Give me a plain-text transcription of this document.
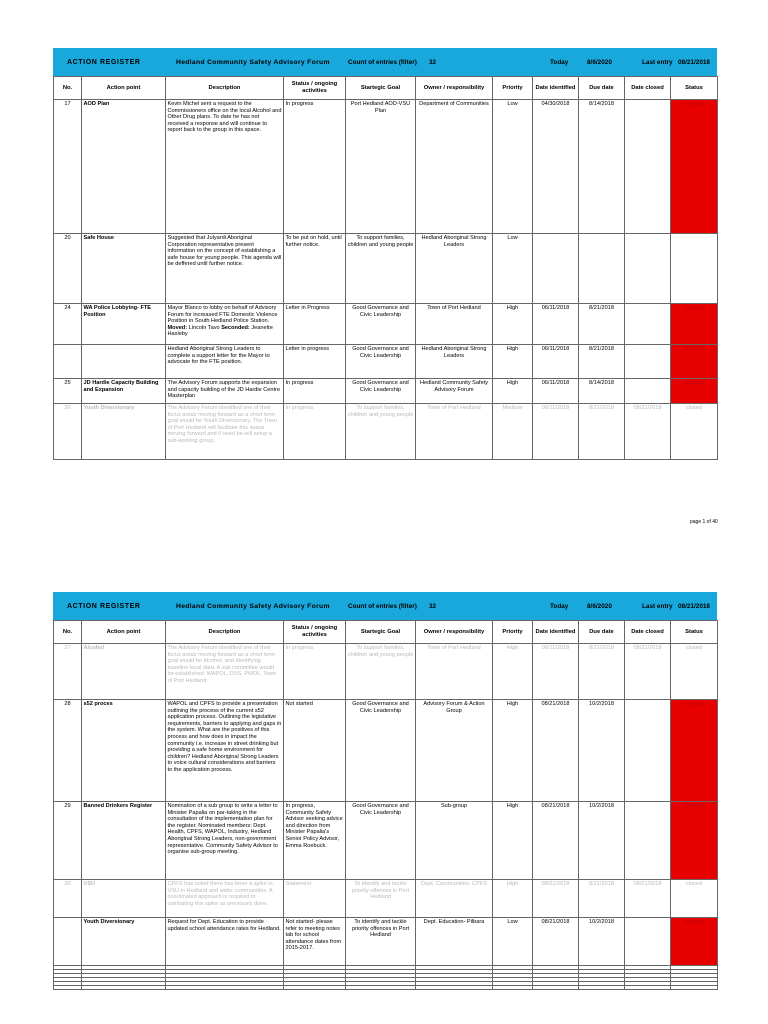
ACTION REGISTER	Hedland Community Safety Advisory Forum	Count of entries (filter) 32	Today	8/6/2020	Last entry 08/21/2018
No.	Action point	Description	Status / ongoing activities	Startegic Goal	Owner / responsibility	Priority	Date identified	Due date	Date closed	Status
17	AOD Plan	Kevin Michel sent a request to the Commissioners office on the local Alcohol and Other Drug plans. To date he has not received a response and will continue to report back to the group in this space.	In progress	Port Hedland AOD-VSU Plan	Department of Communities	Low	04/30/2018	8/14/2018		overdue
20	Safe House	Suggested that Julyardi Aboriginal Corporation representative present information on the concept of establishing a safe house for young people. This agenda will be deffered until further notice.	To be put on hold, until further notice.	To support families, children and young people	Hedland Aboriginal Strong Leaders	Low				
24	WA Police Lobbying- FTE Position	Mayor Blanco to lobby on behalf of Advisory Forum for increased FTE Domestic Violence Position in South Hedland Police Station. Moved: Lincoln Tavo Seconded: Jeanette Hasleby	Letter in Progress	Good Governance and Civic Leadership	Town of Port Hedland	High	06/11/2018	8/21/2018		overdue
		Hedland Aboriginal Strong Leaders to complete a support letter for the Mayor to advocate for the FTE position.	Letter in progress	Good Governance and Civic Leadership	Hedland Aboriginal Strong Leaders	High	06/11/2018	8/21/2018		overdue
25	JD Hardie Capacity Building and Expansion	The Advisory Forum supports the expansion and capacity building of the JD Hardie Centre Masterplan	In progress	Good Governance and Civic Leadership	Hedland Community Safety Advisory Forum	High	06/11/2018	8/14/2018		overdue
26	Youth Diversionary	The Advisory Forum identified one of their focus areas moving forward as a short term goal would be Youth Diversionary. The Town of Port Hedland will facilitate this space moving forward and if need be will setup a sub-working group.	In progress	To support families, children and young people	Town of Port Hedland	Medium	06/11/2018	8/21/2018	08/21/2018	closed
page 1 of 40
ACTION REGISTER	Hedland Community Safety Advisory Forum	Count of entries (filter) 32	Today	8/6/2020	Last entry 08/21/2018
No.	Action point	Description	Status / ongoing activities	Startegic Goal	Owner / responsibility	Priority	Date identified	Due date	Date closed	Status
27	Alcohol	The Advisory Forum identified one of their focus areas moving forward as a short term goal would be Alcohol, and identifying baseline local data. A sub committee would be established: WAPOL, DSS, PMOL, Town of Port Hedland	In progress	To support families, children and young people	Town of Port Hedland	High	06/11/2018	8/21/2018	08/21/2018	closed
28	s52 proces	WAPOL and CPFS to provide a presentation outlining the process of the current s52 application process. Outlining the legislative requirements, barriers to applying and gaps in the system. What are the positives of this process and how does in impact the community i.e. increase in street drinking but providing a safe home environment for children? Hedland Aboriginal Strong Leaders to voice cultural considerations and barriers to the application process.	Not started	Good Governance and Civic Leadership	Advisory Forum & Action Group	High	08/21/2018	10/2/2018		overdue
29	Banned Drinkers Register	Nomination of a sub group to write a letter to Minister Papalia on par-taking in the consultation of the implementation plan for the register. Nominated members: Dept. Health, CPFS, WAPOL, Industry, Hedland Aboriginal Strong Leaders, non-government representative. Community Safety Advisor to organise sub-group meeting.	In progress, Community Safety Advisor seeking advice and direction from Minister Papalia's Senior Policy Advisor, Emma Roebuck.	Good Governance and Civic Leadership	Sub-group	High	08/21/2018	10/2/2018		overdue
30	VSU	CPFS has noted there has been a spike in VSU in Hedland and wider communities. A coordinated approach is required to combating this spike as previously done.	Statement	To identify and tackle priority offences in Port Hedland	Dept. Communities- CPFS	High	08/21/2018	8/21/2018	08/21/2018	closed
	Youth Diversionary	Request for Dept. Education to provide updated school attendance rates for Hedland.	Not started- please refer to meeting notes tab for school attendance dates from 2015-2017.	To identify and tackle priority offences in Port Hedland	Dept. Education- Pilbara	Low	08/21/2018	10/2/2018		overdue
